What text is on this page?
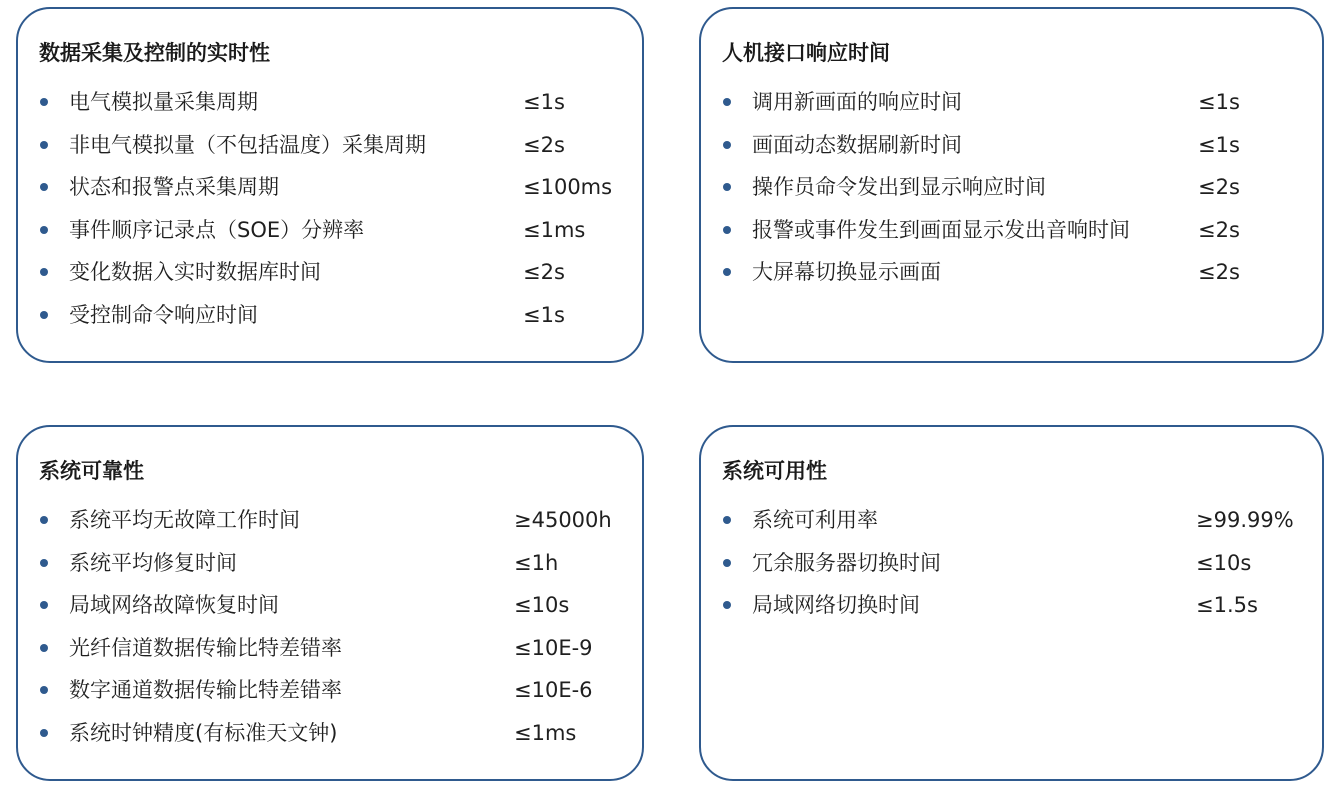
数据采集及控制的实时性
电气模拟量采集周期	≤1s
非电气模拟量（不包括温度）采集周期	≤2s
状态和报警点采集周期	≤100ms
事件顺序记录点（SOE）分辨率	≤1ms
变化数据入实时数据库时间	≤2s
受控制命令响应时间	≤1s
人机接口响应时间
调用新画面的响应时间	≤1s
画面动态数据刷新时间	≤1s
操作员命令发出到显示响应时间	≤2s
报警或事件发生到画面显示发出音响时间	≤2s
大屏幕切换显示画面	≤2s
系统可靠性
系统平均无故障工作时间	≥45000h
系统平均修复时间	≤1h
局域网络故障恢复时间	≤10s
光纤信道数据传输比特差错率	≤10E-9
数字通道数据传输比特差错率	≤10E-6
系统时钟精度(有标准天文钟)	≤1ms
系统可用性
系统可利用率	≥99.99%
冗余服务器切换时间	≤10s
局域网络切换时间	≤1.5s
